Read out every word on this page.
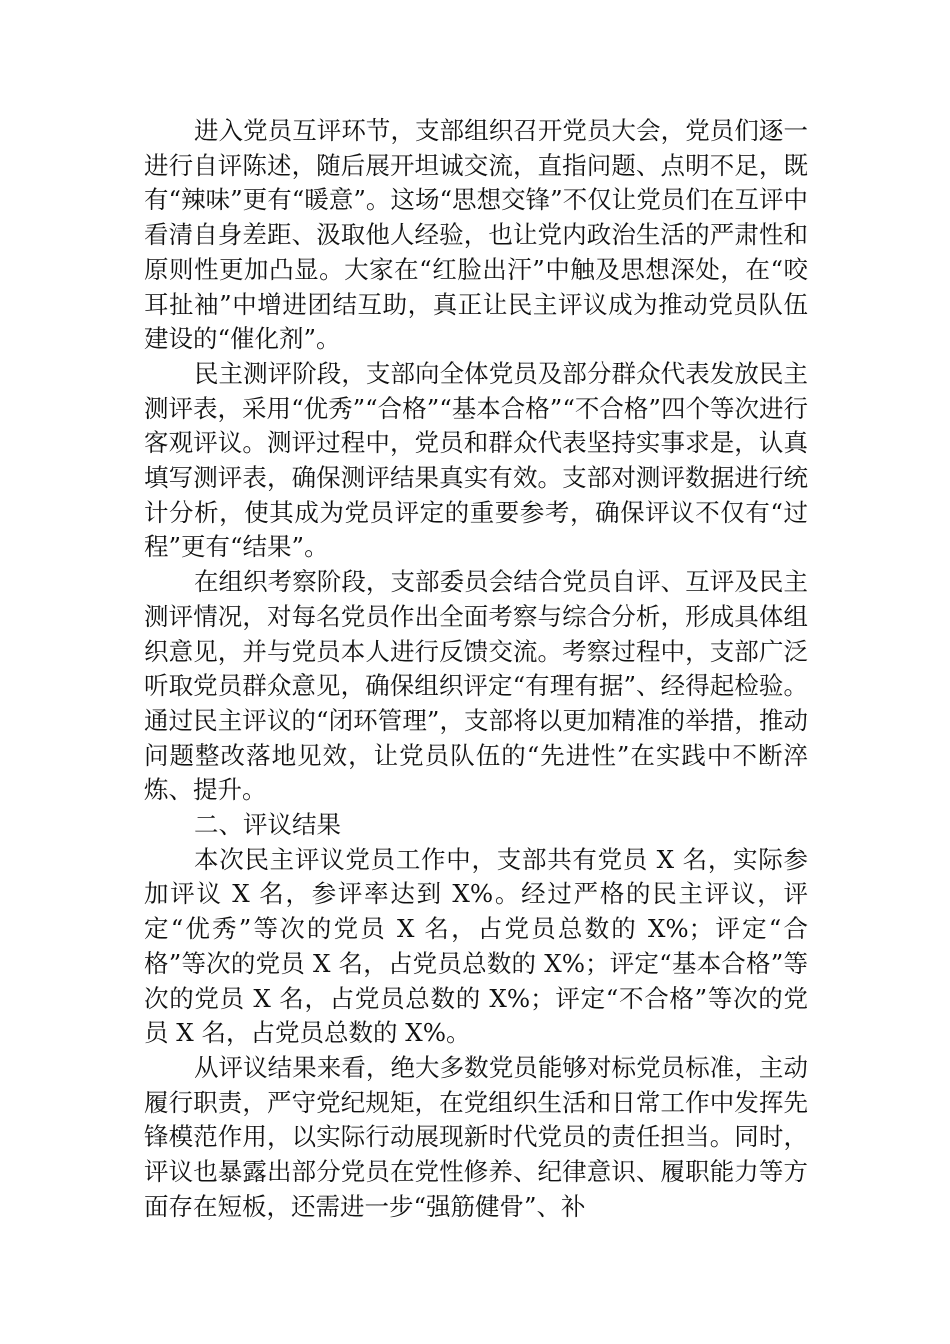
进入党员互评环节，支部组织召开党员大会，党员们逐一进行自评陈述，随后展开坦诚交流，直指问题、点明不足，既有“辣味”更有“暖意”。这场“思想交锋”不仅让党员们在互评中看清自身差距、汲取他人经验，也让党内政治生活的严肃性和原则性更加凸显。大家在“红脸出汗”中触及思想深处，在“咬耳扯袖”中增进团结互助，真正让民主评议成为推动党员队伍建设的“催化剂”。

民主测评阶段，支部向全体党员及部分群众代表发放民主测评表，采用“优秀”“合格”“基本合格”“不合格”四个等次进行客观评议。测评过程中，党员和群众代表坚持实事求是，认真填写测评表，确保测评结果真实有效。支部对测评数据进行统计分析，使其成为党员评定的重要参考，确保评议不仅有“过程”更有“结果”。

在组织考察阶段，支部委员会结合党员自评、互评及民主测评情况，对每名党员作出全面考察与综合分析，形成具体组织意见，并与党员本人进行反馈交流。考察过程中，支部广泛听取党员群众意见，确保组织评定“有理有据”、经得起检验。通过民主评议的“闭环管理”，支部将以更加精准的举措，推动问题整改落地见效，让党员队伍的“先进性”在实践中不断淬炼、提升。

二、评议结果

本次民主评议党员工作中，支部共有党员 X 名，实际参加评议 X 名，参评率达到 X%。经过严格的民主评议，评定“优秀”等次的党员 X 名，占党员总数的 X%；评定“合格”等次的党员 X 名，占党员总数的 X%；评定“基本合格”等次的党员 X 名，占党员总数的 X%；评定“不合格”等次的党员 X 名，占党员总数的 X%。

从评议结果来看，绝大多数党员能够对标党员标准，主动履行职责，严守党纪规矩，在党组织生活和日常工作中发挥先锋模范作用，以实际行动展现新时代党员的责任担当。同时，评议也暴露出部分党员在党性修养、纪律意识、履职能力等方面存在短板，还需进一步“强筋健骨”、补
